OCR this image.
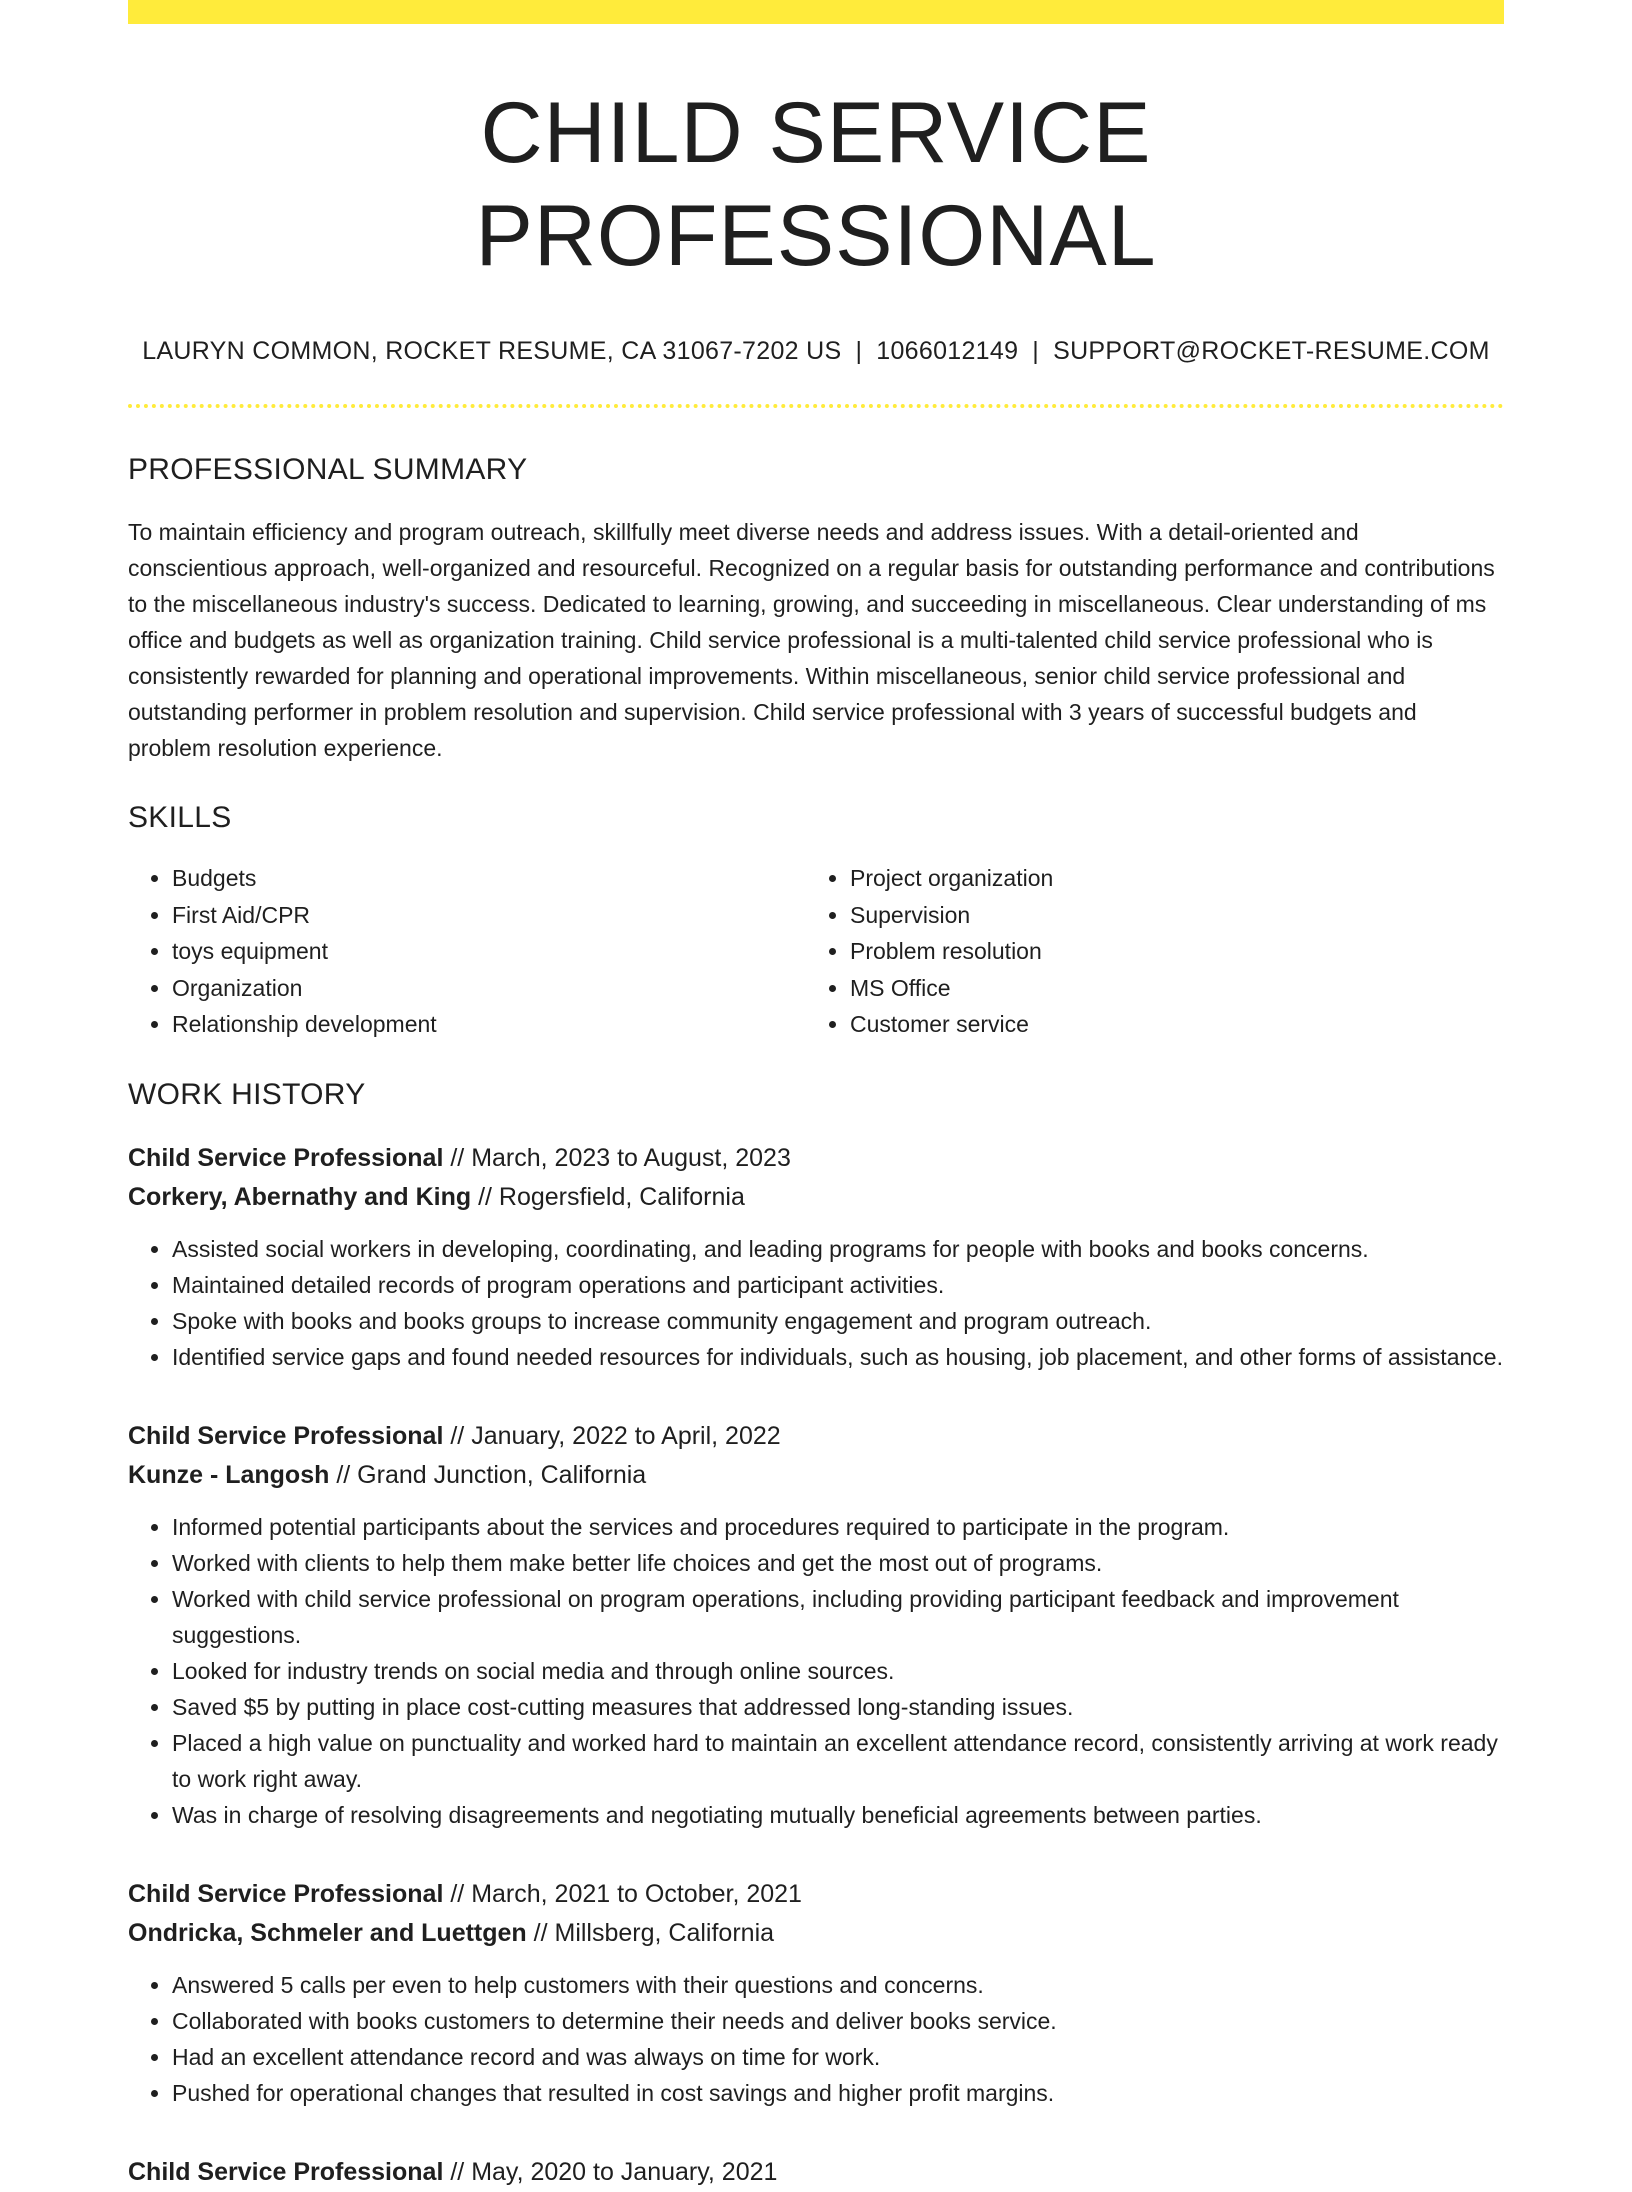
CHILD SERVICE PROFESSIONAL
LAURYN COMMON, ROCKET RESUME, CA 31067-7202 US | 1066012149 | SUPPORT@ROCKET-RESUME.COM
PROFESSIONAL SUMMARY
To maintain efficiency and program outreach, skillfully meet diverse needs and address issues. With a detail-oriented and conscientious approach, well-organized and resourceful. Recognized on a regular basis for outstanding performance and contributions to the miscellaneous industry's success. Dedicated to learning, growing, and succeeding in miscellaneous. Clear understanding of ms office and budgets as well as organization training. Child service professional is a multi-talented child service professional who is consistently rewarded for planning and operational improvements. Within miscellaneous, senior child service professional and outstanding performer in problem resolution and supervision. Child service professional with 3 years of successful budgets and problem resolution experience.
SKILLS
• Budgets
• First Aid/CPR
• toys equipment
• Organization
• Relationship development
• Project organization
• Supervision
• Problem resolution
• MS Office
• Customer service
WORK HISTORY
Child Service Professional // March, 2023 to August, 2023
Corkery, Abernathy and King // Rogersfield, California
• Assisted social workers in developing, coordinating, and leading programs for people with books and books concerns.
• Maintained detailed records of program operations and participant activities.
• Spoke with books and books groups to increase community engagement and program outreach.
• Identified service gaps and found needed resources for individuals, such as housing, job placement, and other forms of assistance.
Child Service Professional // January, 2022 to April, 2022
Kunze - Langosh // Grand Junction, California
• Informed potential participants about the services and procedures required to participate in the program.
• Worked with clients to help them make better life choices and get the most out of programs.
• Worked with child service professional on program operations, including providing participant feedback and improvement suggestions.
• Looked for industry trends on social media and through online sources.
• Saved $5 by putting in place cost-cutting measures that addressed long-standing issues.
• Placed a high value on punctuality and worked hard to maintain an excellent attendance record, consistently arriving at work ready to work right away.
• Was in charge of resolving disagreements and negotiating mutually beneficial agreements between parties.
Child Service Professional // March, 2021 to October, 2021
Ondricka, Schmeler and Luettgen // Millsberg, California
• Answered 5 calls per even to help customers with their questions and concerns.
• Collaborated with books customers to determine their needs and deliver books service.
• Had an excellent attendance record and was always on time for work.
• Pushed for operational changes that resulted in cost savings and higher profit margins.
Child Service Professional // May, 2020 to January, 2021
